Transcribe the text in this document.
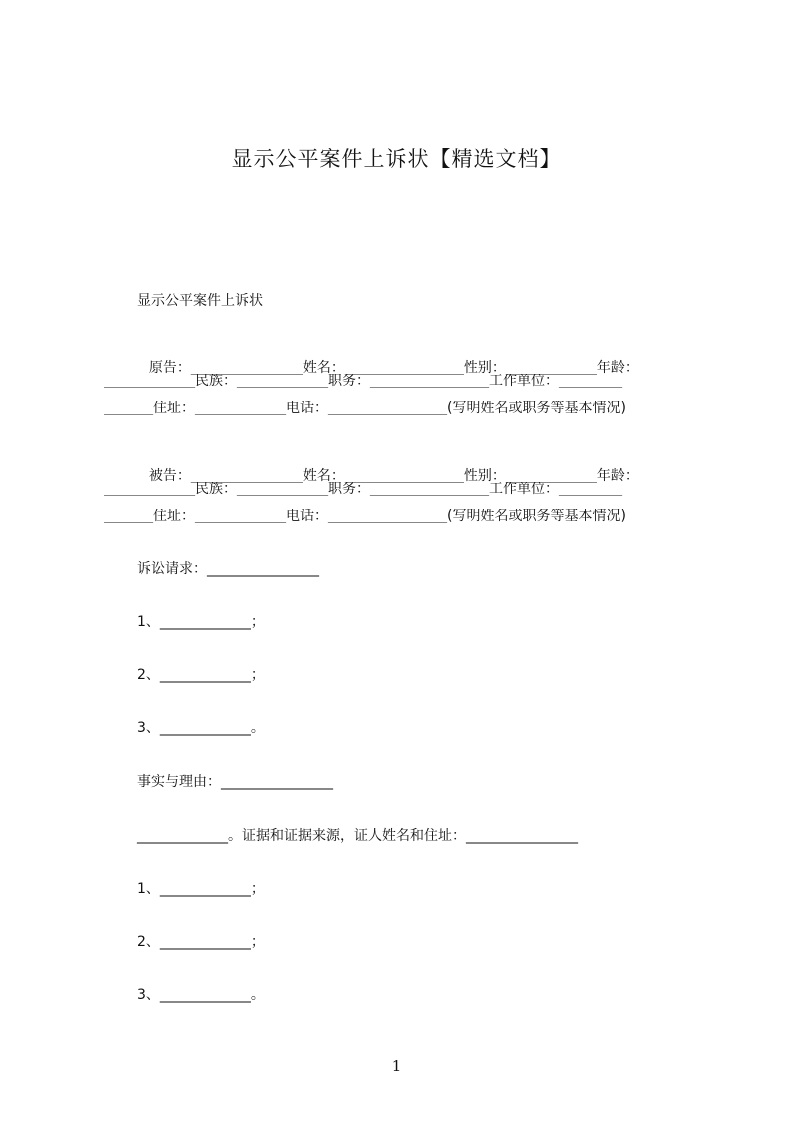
显示公平案件上诉状【精选文档】
显示公平案件上诉状

原告：________________姓名：_________________性别：_____________年龄：

_____________民族：_____________职务：_________________工作单位：_________
_______住址：_____________电话：_________________(写明姓名或职务等基本情况)

被告：________________姓名：_________________性别：_____________年龄：

_____________民族：_____________职务：_________________工作单位：_________
_______住址：_____________电话：_________________(写明姓名或职务等基本情况)
诉讼请求：________________
1、_____________；
2、_____________；
3、_____________。
事实与理由：________________
_____________。证据和证据来源，证人姓名和住址：________________
1、_____________；
2、_____________；
3、_____________。
1
